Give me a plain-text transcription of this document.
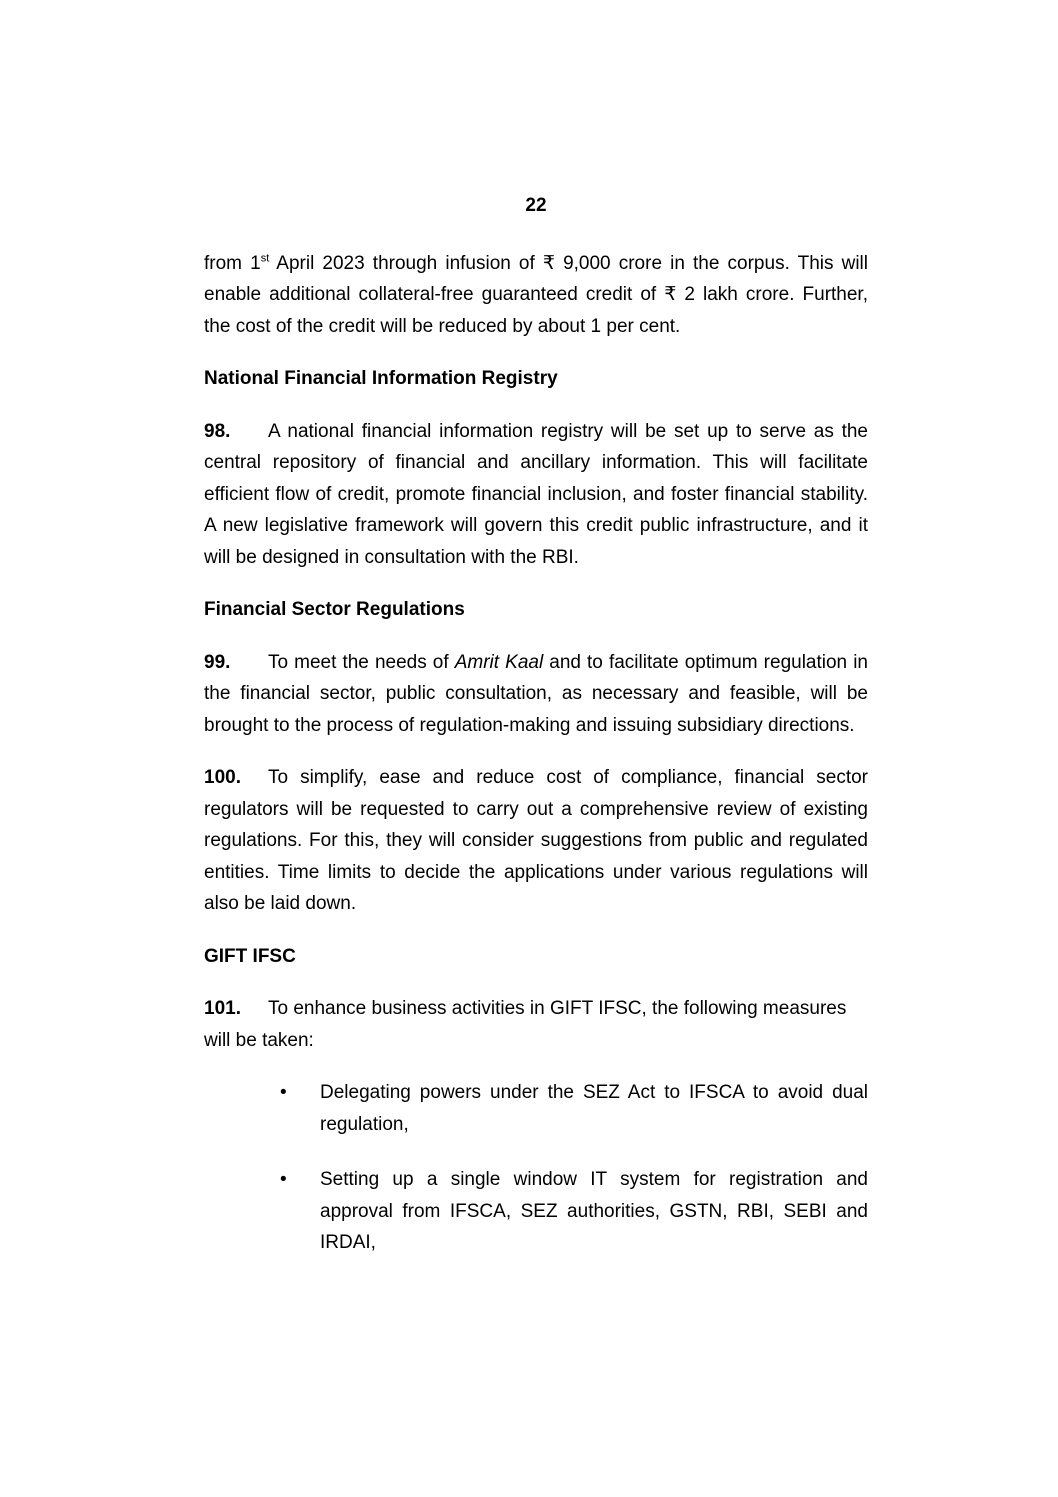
22

from 1st April 2023 through infusion of ₹ 9,000 crore in the corpus. This will enable additional collateral-free guaranteed credit of ₹ 2 lakh crore. Further, the cost of the credit will be reduced by about 1 per cent.

National Financial Information Registry

98. A national financial information registry will be set up to serve as the central repository of financial and ancillary information. This will facilitate efficient flow of credit, promote financial inclusion, and foster financial stability. A new legislative framework will govern this credit public infrastructure, and it will be designed in consultation with the RBI.

Financial Sector Regulations

99. To meet the needs of Amrit Kaal and to facilitate optimum regulation in the financial sector, public consultation, as necessary and feasible, will be brought to the process of regulation-making and issuing subsidiary directions.

100. To simplify, ease and reduce cost of compliance, financial sector regulators will be requested to carry out a comprehensive review of existing regulations. For this, they will consider suggestions from public and regulated entities. Time limits to decide the applications under various regulations will also be laid down.

GIFT IFSC

101. To enhance business activities in GIFT IFSC, the following measures will be taken:

• Delegating powers under the SEZ Act to IFSCA to avoid dual regulation,
• Setting up a single window IT system for registration and approval from IFSCA, SEZ authorities, GSTN, RBI, SEBI and IRDAI,
